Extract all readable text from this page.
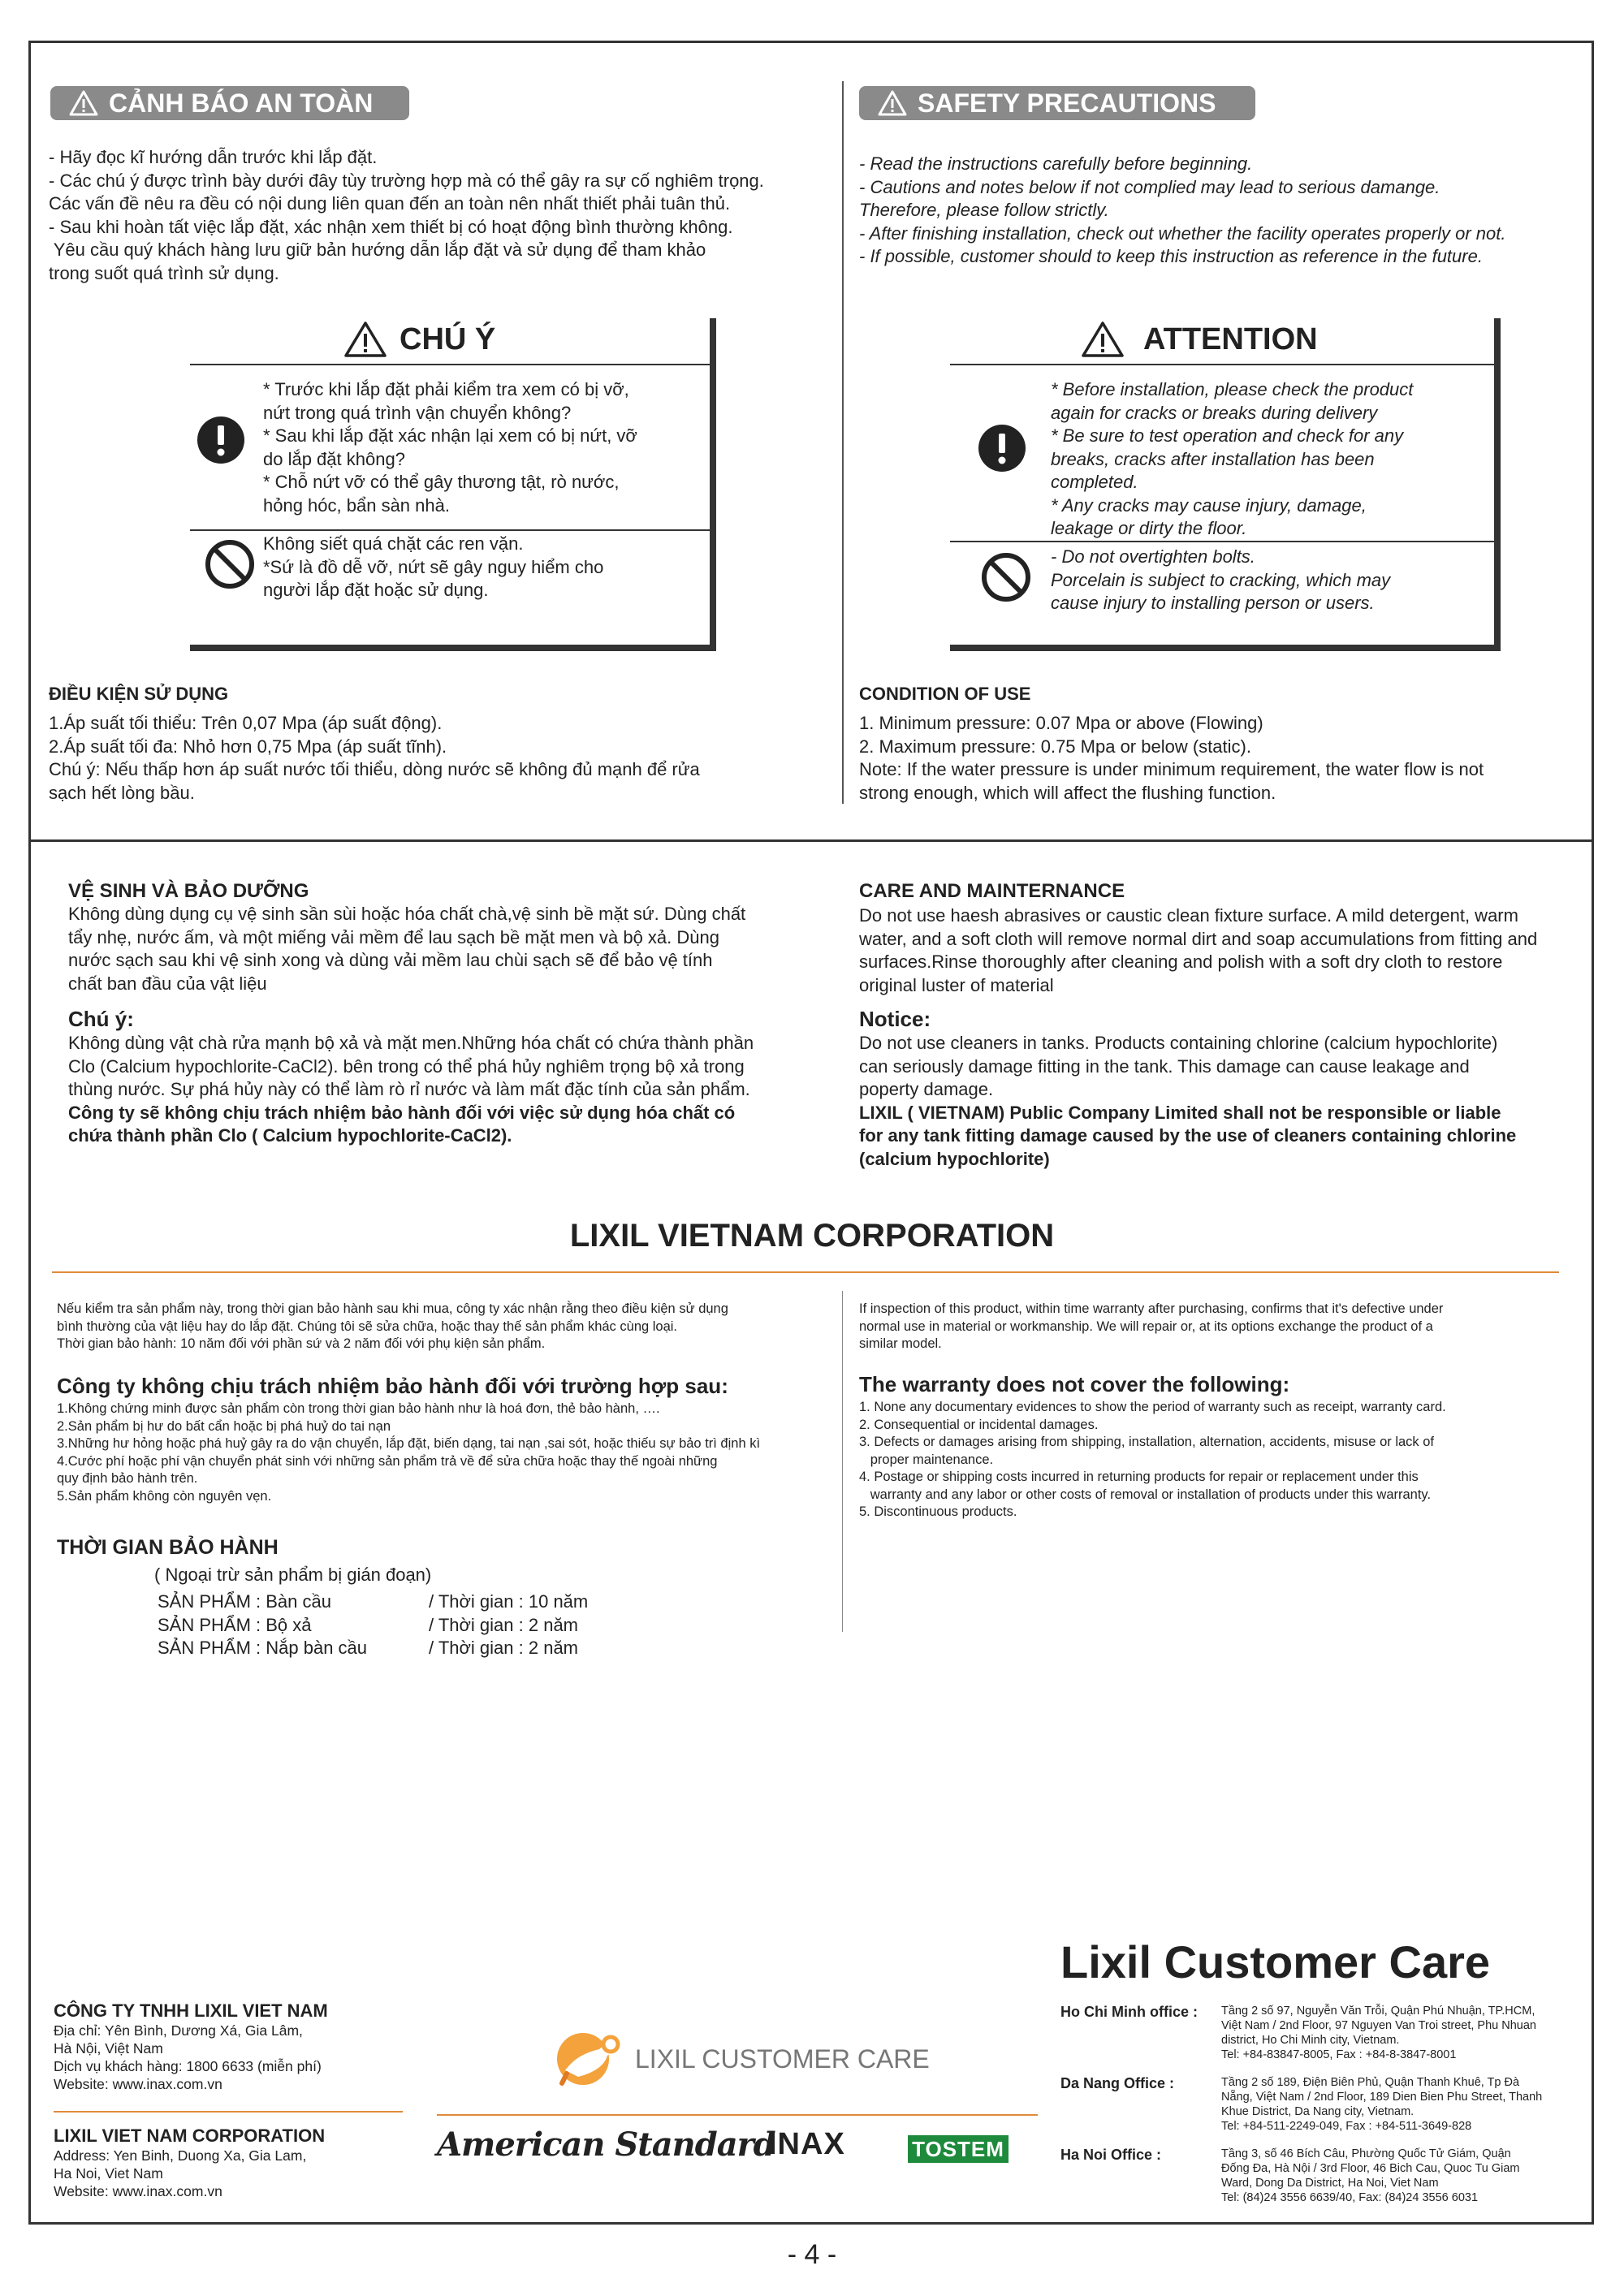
CẢNH BÁO AN TOÀN	SAFETY PRECAUTIONS
- Hãy đọc kĩ hướng dẫn trước khi lắp đặt.
- Các chú ý được trình bày dưới đây tùy trường hợp mà có thể gây ra sự cố nghiêm trọng.
Các vấn đề nêu ra đều có nội dung liên quan đến an toàn nên nhất thiết phải tuân thủ.
- Sau khi hoàn tất việc lắp đặt, xác nhận xem thiết bị có hoạt động bình thường không.
Yêu cầu quý khách hàng lưu giữ bản hướng dẫn lắp đặt và sử dụng để tham khảo
trong suốt quá trình sử dụng.
- Read the instructions carefully before beginning.
- Cautions and notes below if not complied may lead to serious damange.
Therefore, please follow strictly.
- After finishing installation, check out whether the facility operates properly or not.
- If possible, customer should to keep this instruction as reference in the future.
CHÚ Ý
* Trước khi lắp đặt phải kiểm tra xem có bị vỡ,
nứt trong quá trình vận chuyển không?
* Sau khi lắp đặt xác nhận lại xem có bị nứt, vỡ
do lắp đặt không?
* Chỗ nứt vỡ có thể gây thương tật, rò nước,
hỏng hóc, bẩn sàn nhà.
Không siết quá chặt các ren vặn.
*Sứ là đồ dễ vỡ, nứt sẽ gây nguy hiểm cho
người lắp đặt hoặc sử dụng.
ATTENTION
* Before installation, please check the product
again for cracks or breaks during delivery
* Be sure to test operation and check for any
breaks, cracks after installation has been
completed.
* Any cracks may cause injury, damage,
leakage or dirty the floor.
- Do not overtighten bolts.
Porcelain is subject to cracking, which may
cause injury to installing person or users.
ĐIỀU KIỆN SỬ DỤNG
1.Áp suất tối thiểu: Trên 0,07 Mpa (áp suất động).
2.Áp suất tối đa: Nhỏ hơn 0,75 Mpa (áp suất tĩnh).
Chú ý: Nếu thấp hơn áp suất nước tối thiểu, dòng nước sẽ không đủ mạnh để rửa
sạch hết lòng bầu.
CONDITION OF USE
1. Minimum pressure: 0.07 Mpa or above (Flowing)
2. Maximum pressure: 0.75 Mpa or below (static).
Note: If the water pressure is under minimum requirement, the water flow is not
strong enough, which will affect the flushing function.
VỆ SINH VÀ BẢO DƯỠNG
Không dùng dụng cụ vệ sinh sần sùi hoặc hóa chất chà,vệ sinh bề mặt sứ. Dùng chất
tẩy nhẹ, nước ấm, và một miếng vải mềm để lau sạch bề mặt men và bộ xả. Dùng
nước sạch sau khi vệ sinh xong và dùng vải mềm lau chùi sạch sẽ để bảo vệ tính
chất ban đầu của vật liệu
Chú ý:
Không dùng vật chà rửa mạnh bộ xả và mặt men.Những hóa chất có chứa thành phần
Clo (Calcium hypochlorite-CaCl2). bên trong có thể phá hủy nghiêm trọng bộ xả trong
thùng nước. Sự phá hủy này có thể làm rò rỉ nước và làm mất đặc tính của sản phẩm.
Công ty sẽ không chịu trách nhiệm bảo hành đối với việc sử dụng hóa chất có
chứa thành phần Clo ( Calcium hypochlorite-CaCl2).
CARE AND MAINTERNANCE
Do not use haesh abrasives or caustic clean fixture surface. A mild detergent, warm
water, and a soft cloth will remove normal dirt and soap accumulations from fitting and
surfaces.Rinse thoroughly after cleaning and polish with a soft dry cloth to restore
original luster of material
Notice:
Do not use cleaners in tanks. Products containing chlorine (calcium hypochlorite)
can seriously damage fitting in the tank. This damage can cause leakage and
poperty damage.
LIXIL ( VIETNAM) Public Company Limited shall not be responsible or liable
for any tank fitting damage caused by the use of cleaners containing chlorine
(calcium hypochlorite)
LIXIL VIETNAM CORPORATION
Nếu kiểm tra sản phẩm này, trong thời gian bảo hành sau khi mua, công ty xác nhận rằng theo điều kiện sử dụng
bình thường của vật liệu hay do lắp đặt. Chúng tôi sẽ sửa chữa, hoặc thay thế sản phẩm khác cùng loại.
Thời gian bảo hành: 10 năm đối với phần sứ và 2 năm đối với phụ kiện sản phẩm.
Công ty không chịu trách nhiệm bảo hành đối với trường hợp sau:
1.Không chứng minh được sản phẩm còn trong thời gian bảo hành như là hoá đơn, thẻ bảo hành, ….
2.Sản phẩm bị hư do bất cẩn hoặc bị phá huỷ do tai nạn
3.Những hư hỏng hoặc phá huỷ gây ra do vận chuyển, lắp đặt, biến dạng, tai nạn ,sai sót, hoặc thiếu sự bảo trì định kì
4.Cước phí hoặc phí vận chuyển phát sinh với những sản phẩm trả về để sửa chữa hoặc thay thế ngoài những
quy định bảo hành trên.
5.Sản phẩm không còn nguyên vẹn.
THỜI GIAN BẢO HÀNH
( Ngoại trừ sản phẩm bị gián đoạn)
SẢN PHẨM : Bàn cầu	/ Thời gian : 10 năm
SẢN PHẨM : Bộ xả	/ Thời gian : 2 năm
SẢN PHẨM : Nắp bàn cầu	/ Thời gian : 2 năm
If inspection of this product, within time warranty after purchasing, confirms that it's defective under
normal use in material or workmanship. We will repair or, at its options exchange the product of a
similar model.
The warranty does not cover the following:
1. None any documentary evidences to show the period of warranty such as receipt, warranty card.
2. Consequential or incidental damages.
3. Defects or damages arising from shipping, installation, alternation, accidents, misuse or lack of
proper maintenance.
4. Postage or shipping costs incurred in returning products for repair or replacement under this
warranty and any labor or other costs of removal or installation of products under this warranty.
5. Discontinuous products.
CÔNG TY TNHH LIXIL VIET NAM
Địa chỉ: Yên Bình, Dương Xá, Gia Lâm,
Hà Nội, Việt Nam
Dịch vụ khách hàng: 1800 6633 (miễn phí)
Website: www.inax.com.vn
LIXIL VIET NAM CORPORATION
Address: Yen Binh, Duong Xa, Gia Lam,
Ha Noi, Viet Nam
Website: www.inax.com.vn
LIXIL CUSTOMER CARE
American Standard
INAX	TOSTEM
Lixil Customer Care
Ho Chi Minh office : Tầng 2 số 97, Nguyễn Văn Trỗi, Quận Phú Nhuận, TP.HCM,
Việt Nam / 2nd Floor, 97 Nguyen Van Troi street, Phu Nhuan
district, Ho Chi Minh city, Vietnam.
Tel: +84-83847-8005, Fax : +84-8-3847-8001
Da Nang Office :	Tầng 2 số 189, Điện Biên Phủ, Quận Thanh Khuê, Tp Đà
Nẵng, Việt Nam / 2nd Floor, 189 Dien Bien Phu Street, Thanh
Khue District, Da Nang city, Vietnam.
Tel: +84-511-2249-049, Fax : +84-511-3649-828
Ha Noi Office :	Tầng 3, số 46 Bích Câu, Phường Quốc Tử Giám, Quận
Đống Đa, Hà Nội / 3rd Floor, 46 Bich Cau, Quoc Tu Giam
Ward, Dong Da District, Ha Noi, Viet Nam
Tel: (84)24 3556 6639/40, Fax: (84)24 3556 6031
- 4 -
